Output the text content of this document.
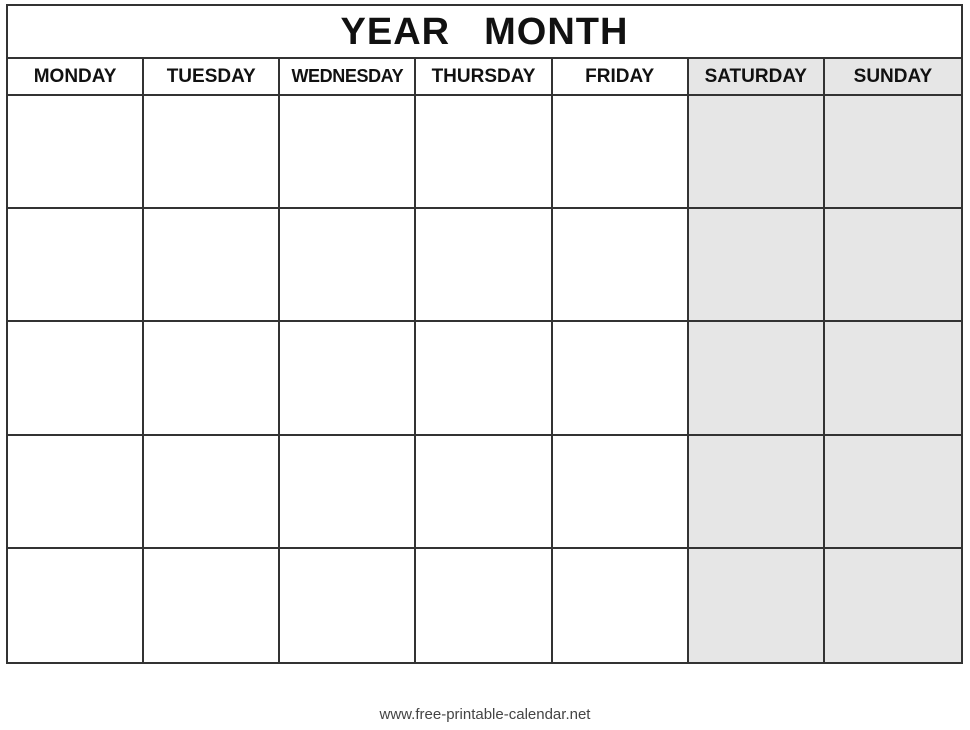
YEAR MONTH
MONDAY	TUESDAY	WEDNESDAY	THURSDAY	FRIDAY	SATURDAY	SUNDAY
www.free-printable-calendar.net
